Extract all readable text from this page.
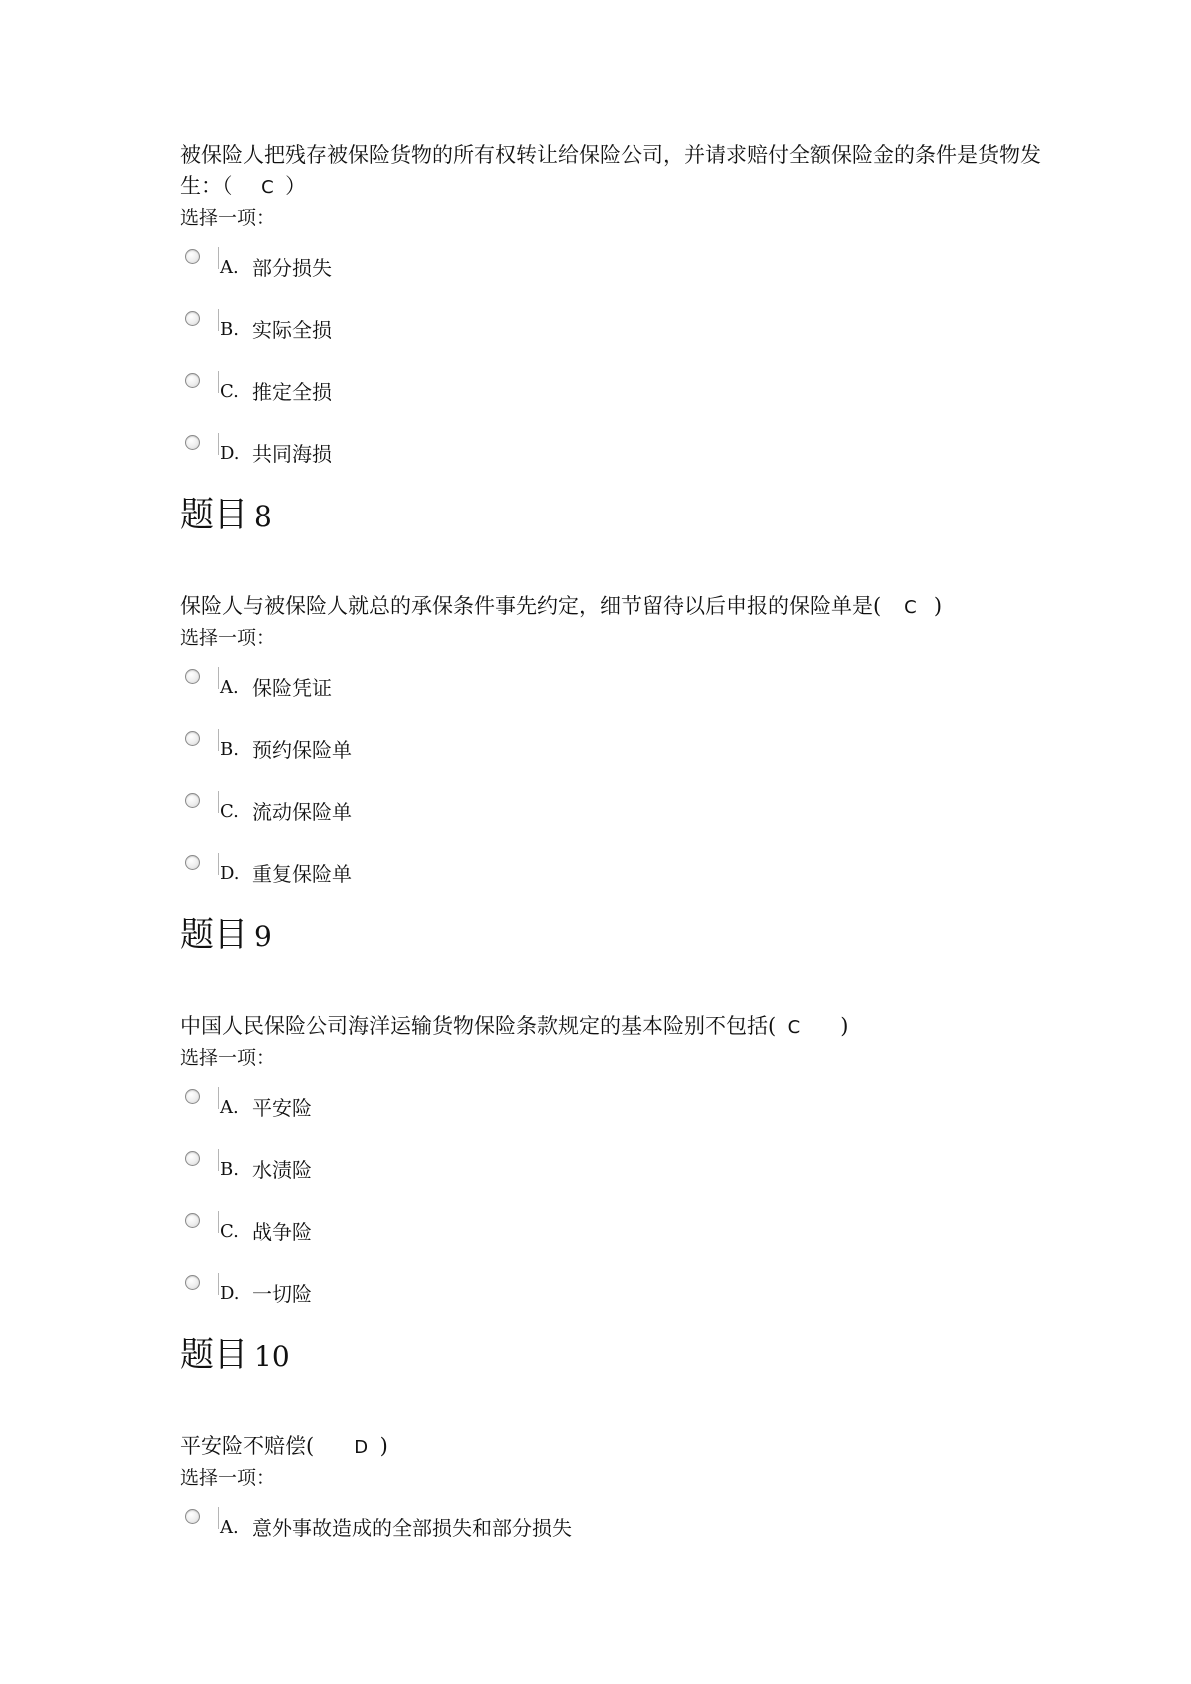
被保险人把残存被保险货物的所有权转让给保险公司，并请求赔付全额保险金的条件是货物发生：（ C ）

选择一项：

A. 部分损失
B. 实际全损
C. 推定全损
D. 共同海损
题目 8

保险人与被保险人就总的承保条件事先约定，细节留待以后申报的保险单是( C )

选择一项：

A. 保险凭证
B. 预约保险单
C. 流动保险单
D. 重复保险单
题目 9

中国人民保险公司海洋运输货物保险条款规定的基本险别不包括( C )

选择一项：

A. 平安险
B. 水渍险
C. 战争险
D. 一切险
题目 10

平安险不赔偿( D )

选择一项：

A. 意外事故造成的全部损失和部分损失
